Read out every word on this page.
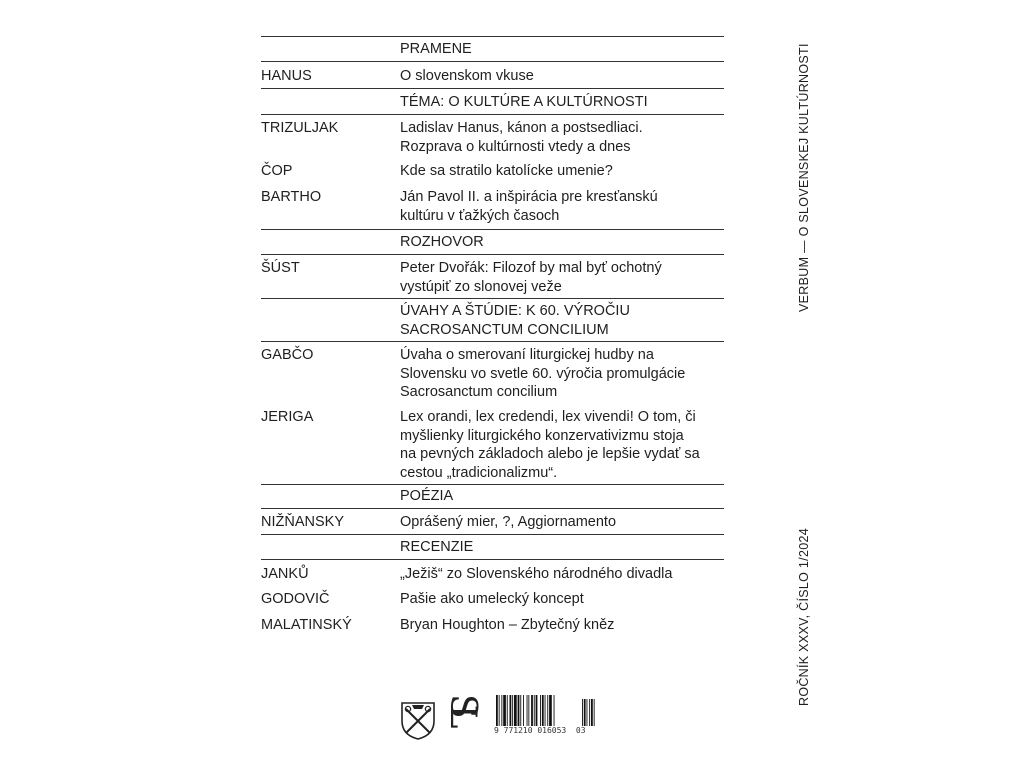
PRAMENE
HANUS	O slovenskom vkuse
TÉMA: O KULTÚRE A KULTÚRNOSTI
TRIZULJAK	Ladislav Hanus, kánon a postsedliaci.
Rozprava o kultúrnosti vtedy a dnes
ČOP	Kde sa stratilo katolícke umenie?
BARTHO	Ján Pavol II. a inšpirácia pre kresťanskú
kultúru v ťažkých časoch
ROZHOVOR
ŠÚST	Peter Dvořák: Filozof by mal byť ochotný
vystúpiť zo slonovej veže
ÚVAHY A ŠTÚDIE: K 60. VÝROČIU
SACROSANCTUM CONCILIUM
GABČO	Úvaha o smerovaní liturgickej hudby na
Slovensku vo svetle 60. výročia promulgácie
Sacrosanctum concilium
JERIGA	Lex orandi, lex credendi, lex vivendi! O tom, či
myšlienky liturgického konzervativizmu stoja
na pevných základoch alebo je lepšie vydať sa
cestou „tradicionalizmu“.
POÉZIA
NIŽŇANSKY	Oprášený mier, ?, Aggiornamento
RECENZIE
JANKŮ	„Ježiš“ zo Slovenského národného divadla
GODOVIČ	Pašie ako umelecký koncept
MALATINSKÝ	Bryan Houghton – Zbytečný kněz
VERBUM — O SLOVENSKEJ KULTÚRNOSTI
ROČNÍK XXXV, ČÍSLO 1/2024
SL
9 771210 016053 03
